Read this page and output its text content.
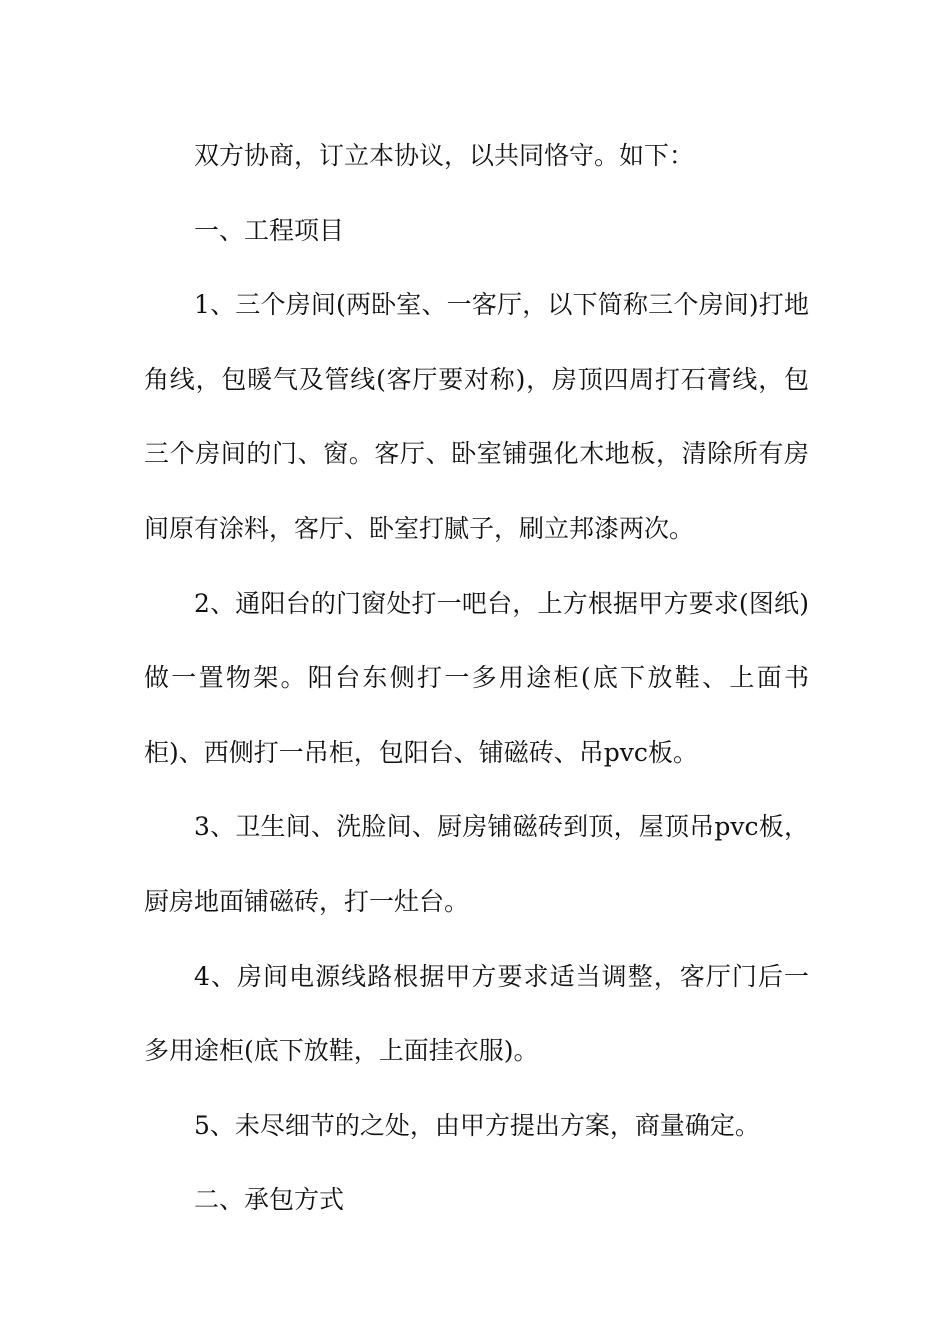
双方协商，订立本协议，以共同恪守。如下：

一、工程项目

1、三个房间(两卧室、一客厅，以下简称三个房间)打地角线，包暖气及管线(客厅要对称)，房顶四周打石膏线，包三个房间的门、窗。客厅、卧室铺强化木地板，清除所有房间原有涂料，客厅、卧室打腻子，刷立邦漆两次。

2、通阳台的门窗处打一吧台，上方根据甲方要求(图纸)做一置物架。阳台东侧打一多用途柜(底下放鞋、上面书柜)、西侧打一吊柜，包阳台、铺磁砖、吊pvc板。

3、卫生间、洗脸间、厨房铺磁砖到顶，屋顶吊pvc板，厨房地面铺磁砖，打一灶台。

4、房间电源线路根据甲方要求适当调整，客厅门后一多用途柜(底下放鞋，上面挂衣服)。

5、未尽细节的之处，由甲方提出方案，商量确定。

二、承包方式
